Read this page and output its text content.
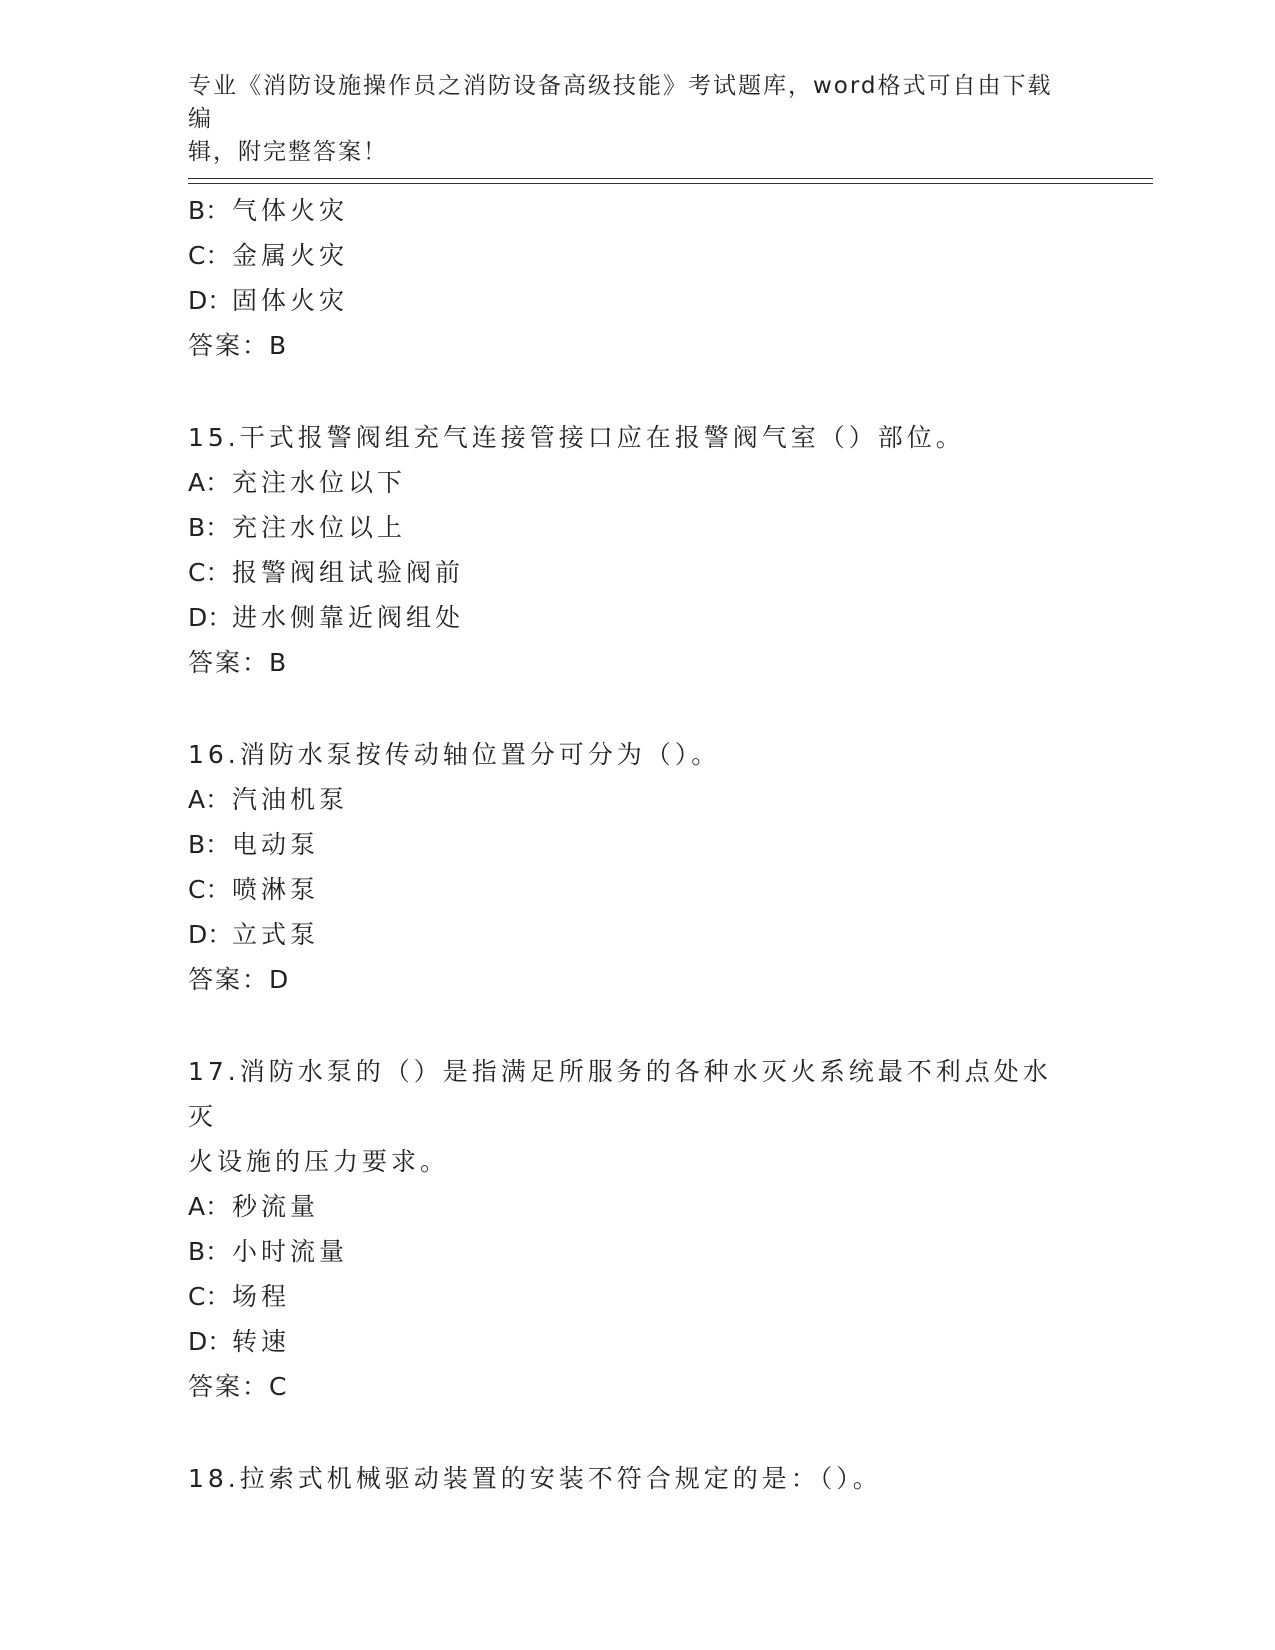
专业《消防设施操作员之消防设备高级技能》考试题库，word格式可自由下载编
辑，附完整答案！
B：气体火灾
C：金属火灾
D：固体火灾
答案：B
15.干式报警阀组充气连接管接口应在报警阀气室（）部位。
A：充注水位以下
B：充注水位以上
C：报警阀组试验阀前
D：进水侧靠近阀组处
答案：B
16.消防水泵按传动轴位置分可分为（）。
A：汽油机泵
B：电动泵
C：喷淋泵
D：立式泵
答案：D
17.消防水泵的（）是指满足所服务的各种水灭火系统最不利点处水灭
火设施的压力要求。
A：秒流量
B：小时流量
C：场程
D：转速
答案：C
18.拉索式机械驱动装置的安装不符合规定的是：（）。
